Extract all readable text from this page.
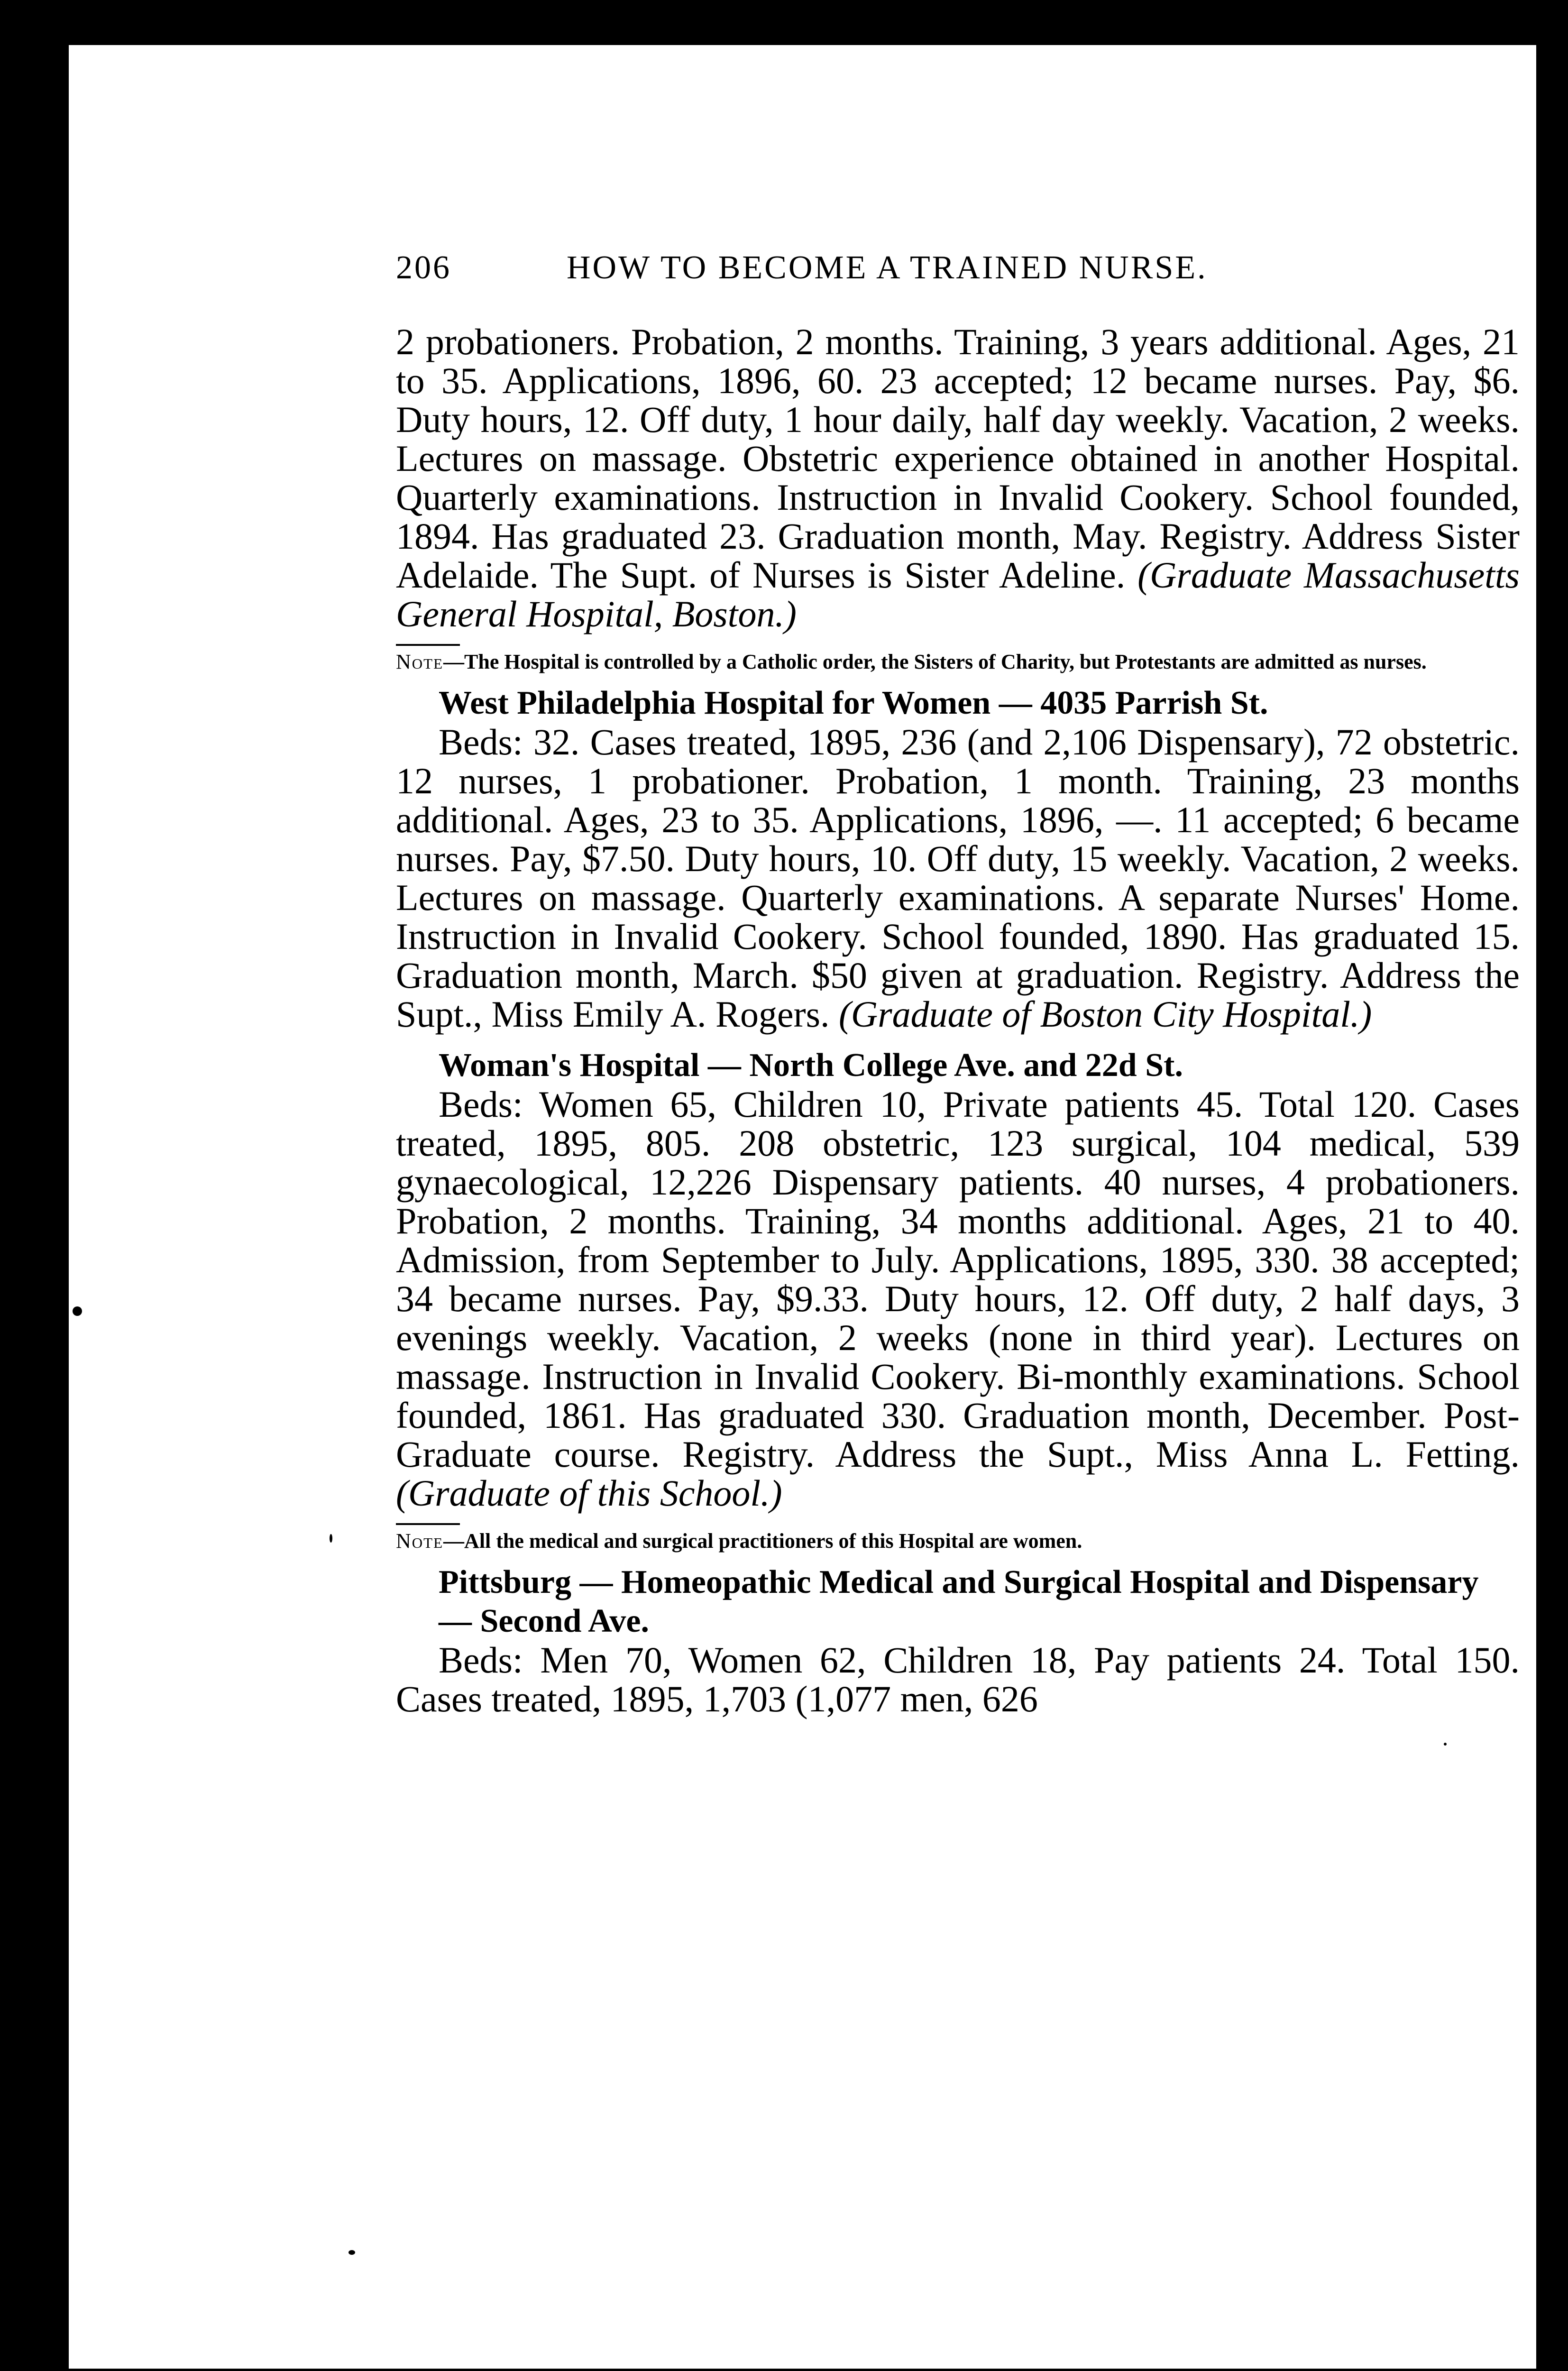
206	HOW TO BECOME A TRAINED NURSE.

2 probationers. Probation, 2 months. Training, 3 years additional. Ages, 21 to 35. Applications, 1896, 60. 23 accepted; 12 became nurses. Pay, $6. Duty hours, 12. Off duty, 1 hour daily, half day weekly. Vacation, 2 weeks. Lectures on massage. Obstetric experience obtained in another Hospital. Quarterly examinations. Instruction in Invalid Cookery. School founded, 1894. Has graduated 23. Graduation month, May. Registry. Address Sister Adelaide. The Supt. of Nurses is Sister Adeline. (Graduate Massachusetts General Hospital, Boston.)

Note—The Hospital is controlled by a Catholic order, the Sisters of Charity, but Protestants are admitted as nurses.

West Philadelphia Hospital for Women — 4035 Parrish St.

Beds: 32. Cases treated, 1895, 236 (and 2,106 Dispensary), 72 obstetric. 12 nurses, 1 probationer. Probation, 1 month. Training, 23 months additional. Ages, 23 to 35. Applications, 1896, —. 11 accepted; 6 became nurses. Pay, $7.50. Duty hours, 10. Off duty, 15 weekly. Vacation, 2 weeks. Lectures on massage. Quarterly examinations. A separate Nurses' Home. Instruction in Invalid Cookery. School founded, 1890. Has graduated 15. Graduation month, March. $50 given at graduation. Registry. Address the Supt., Miss Emily A. Rogers. (Graduate of Boston City Hospital.)

Woman's Hospital — North College Ave. and 22d St.

Beds: Women 65, Children 10, Private patients 45. Total 120. Cases treated, 1895, 805. 208 obstetric, 123 surgical, 104 medical, 539 gynaecological, 12,226 Dispensary patients. 40 nurses, 4 probationers. Probation, 2 months. Training, 34 months additional. Ages, 21 to 40. Admission, from September to July. Applications, 1895, 330. 38 accepted; 34 became nurses. Pay, $9.33. Duty hours, 12. Off duty, 2 half days, 3 evenings weekly. Vacation, 2 weeks (none in third year). Lectures on massage. Instruction in Invalid Cookery. Bi-monthly examinations. School founded, 1861. Has graduated 330. Graduation month, December. Post-Graduate course. Registry. Address the Supt., Miss Anna L. Fetting. (Graduate of this School.)

Note—All the medical and surgical practitioners of this Hospital are women.

Pittsburg — Homeopathic Medical and Surgical Hospital and Dispensary — Second Ave.

Beds: Men 70, Women 62, Children 18, Pay patients 24. Total 150. Cases treated, 1895, 1,703 (1,077 men, 626
